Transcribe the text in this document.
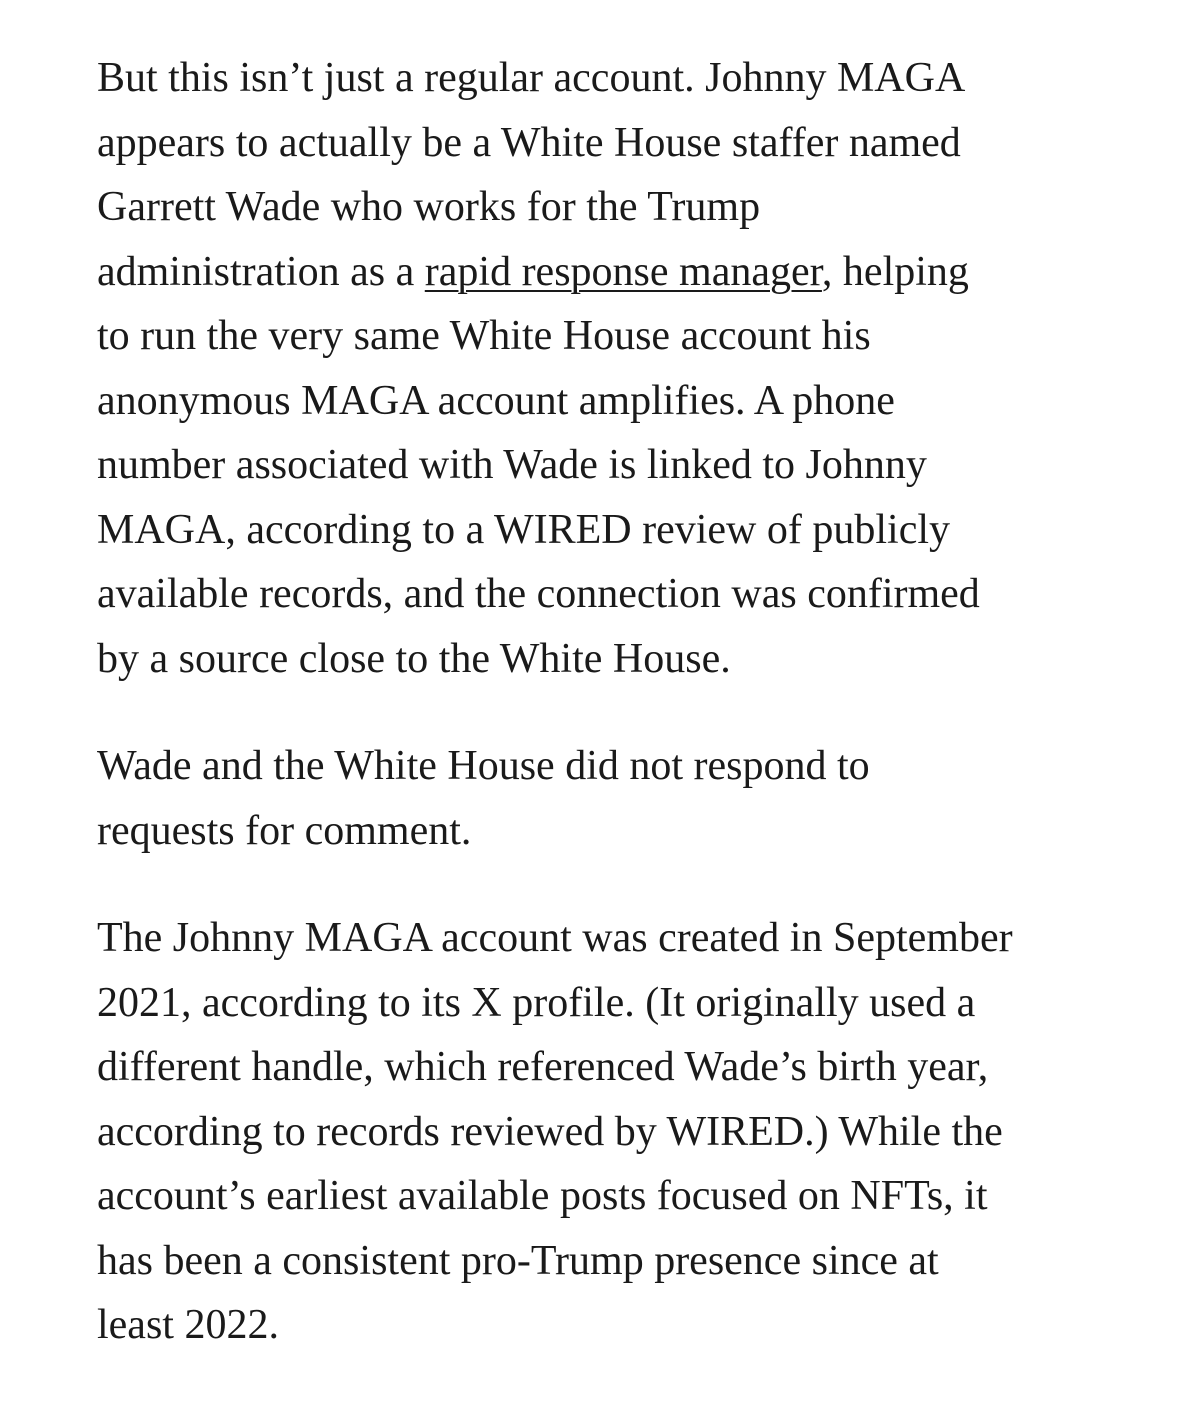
But this isn’t just a regular account. Johnny MAGA
appears to actually be a White House staffer named
Garrett Wade who works for the Trump
administration as a rapid response manager, helping
to run the very same White House account his
anonymous MAGA account amplifies. A phone
number associated with Wade is linked to Johnny
MAGA, according to a WIRED review of publicly
available records, and the connection was confirmed
by a source close to the White House.

Wade and the White House did not respond to
requests for comment.

The Johnny MAGA account was created in September
2021, according to its X profile. (It originally used a
different handle, which referenced Wade’s birth year,
according to records reviewed by WIRED.) While the
account’s earliest available posts focused on NFTs, it
has been a consistent pro-Trump presence since at
least 2022.
